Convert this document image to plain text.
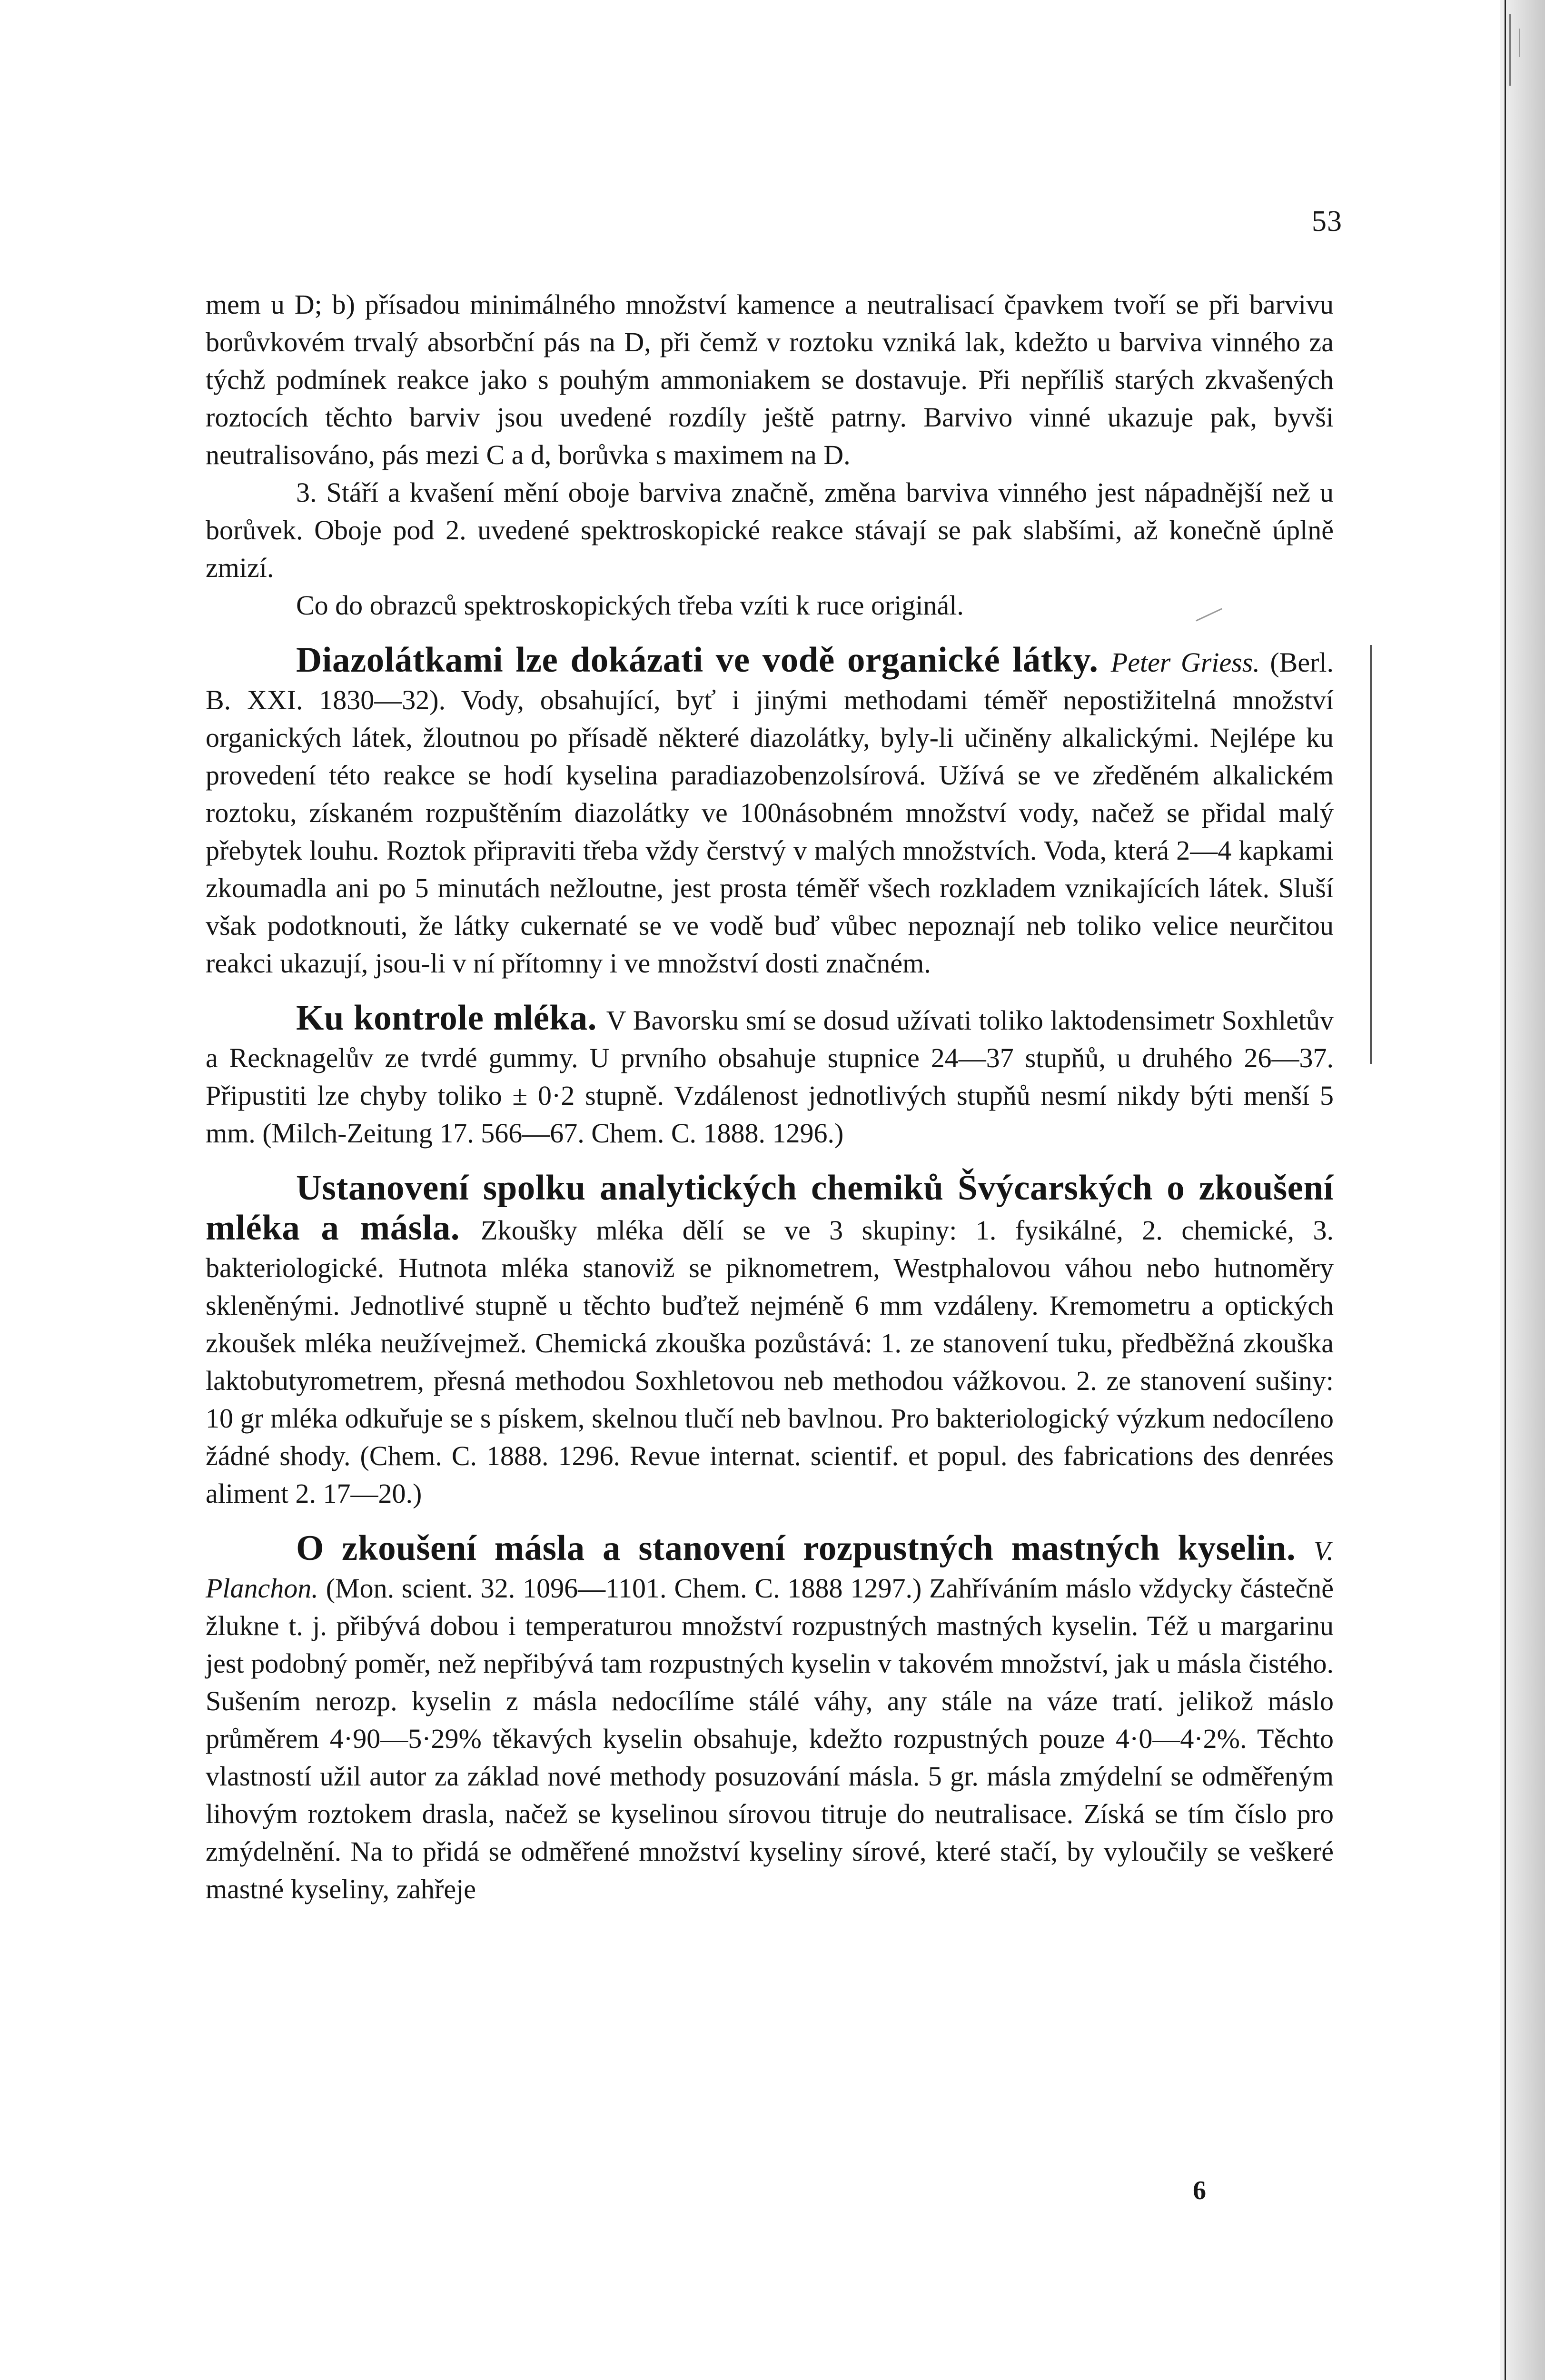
53

mem u D; b) přísadou minimálného množství kamence a neutralisací čpavkem tvoří se při barvivu borůvkovém trvalý absorbční pás na D, při čemž v roztoku vzniká lak, kdežto u barviva vinného za týchž podmínek reakce jako s pouhým ammoniakem se dostavuje. Při nepříliš starých zkvašených roztocích těchto barviv jsou uvedené rozdíly ještě patrny. Barvivo vinné ukazuje pak, byvši neutralisováno, pás mezi C a d, borůvka s maximem na D.

3. Stáří a kvašení mění oboje barviva značně, změna barviva vinného jest nápadnější než u borůvek. Oboje pod 2. uvedené spektroskopické reakce stávají se pak slabšími, až konečně úplně zmizí.

Co do obrazců spektroskopických třeba vzíti k ruce originál.

Diazolátkami lze dokázati ve vodě organické látky. Peter Griess. (Berl. B. XXI. 1830—32). Vody, obsahující, byť i jinými methodami téměř nepostižitelná množství organických látek, žloutnou po přísadě některé diazolátky, byly-li učiněny alkalickými. Nejlépe ku provedení této reakce se hodí kyselina paradiazobenzolsírová. Užívá se ve zředěném alkalickém roztoku, získaném rozpuštěním diazolátky ve 100násobném množství vody, načež se přidal malý přebytek louhu. Roztok připraviti třeba vždy čerstvý v malých množstvích. Voda, která 2—4 kapkami zkoumadla ani po 5 minutách nežloutne, jest prosta téměř všech rozkladem vznikajících látek. Sluší však podotknouti, že látky cukernaté se ve vodě buď vůbec nepoznají neb toliko velice neurčitou reakci ukazují, jsou-li v ní přítomny i ve množství dosti značném.

Ku kontrole mléka. V Bavorsku smí se dosud užívati toliko laktodensimetr Soxhletův a Recknagelův ze tvrdé gummy. U prvního obsahuje stupnice 24—37 stupňů, u druhého 26—37. Připustiti lze chyby toliko ± 0·2 stupně. Vzdálenost jednotlivých stupňů nesmí nikdy býti menší 5 mm. (Milch-Zeitung 17. 566—67. Chem. C. 1888. 1296.)

Ustanovení spolku analytických chemiků Švýcarských o zkoušení mléka a másla. Zkoušky mléka dělí se ve 3 skupiny: 1. fysikálné, 2. chemické, 3. bakteriologické. Hutnota mléka stanoviž se piknometrem, Westphalovou váhou nebo hutnoměry skleněnými. Jednotlivé stupně u těchto buďtež nejméně 6 mm vzdáleny. Kremometru a optických zkoušek mléka neužívejmež. Chemická zkouška pozůstává: 1. ze stanovení tuku, předběžná zkouška laktobutyrometrem, přesná methodou Soxhletovou neb methodou vážkovou. 2. ze stanovení sušiny: 10 gr mléka odkuřuje se s pískem, skelnou tlučí neb bavlnou. Pro bakteriologický výzkum nedocíleno žádné shody. (Chem. C. 1888. 1296. Revue internat. scientif. et popul. des fabrications des denrées aliment 2. 17—20.)

O zkoušení másla a stanovení rozpustných mastných kyselin. V. Planchon. (Mon. scient. 32. 1096—1101. Chem. C. 1888 1297.) Zahříváním máslo vždycky částečně žlukne t. j. přibývá dobou i temperaturou množství rozpustných mastných kyselin. Též u margarinu jest podobný poměr, než nepřibývá tam rozpustných kyselin v takovém množství, jak u másla čistého. Sušením nerozp. kyselin z másla nedocílíme stálé váhy, any stále na váze tratí. jelikož máslo průměrem 4·90—5·29% těkavých kyselin obsahuje, kdežto rozpustných pouze 4·0—4·2%. Těchto vlastností užil autor za základ nové methody posuzování másla. 5 gr. másla zmýdelní se odměřeným lihovým roztokem drasla, načež se kyselinou sírovou titruje do neutralisace. Získá se tím číslo pro zmýdelnění. Na to přidá se odměřené množství kyseliny sírové, které stačí, by vyloučily se veškeré mastné kyseliny, zahřeje

6
